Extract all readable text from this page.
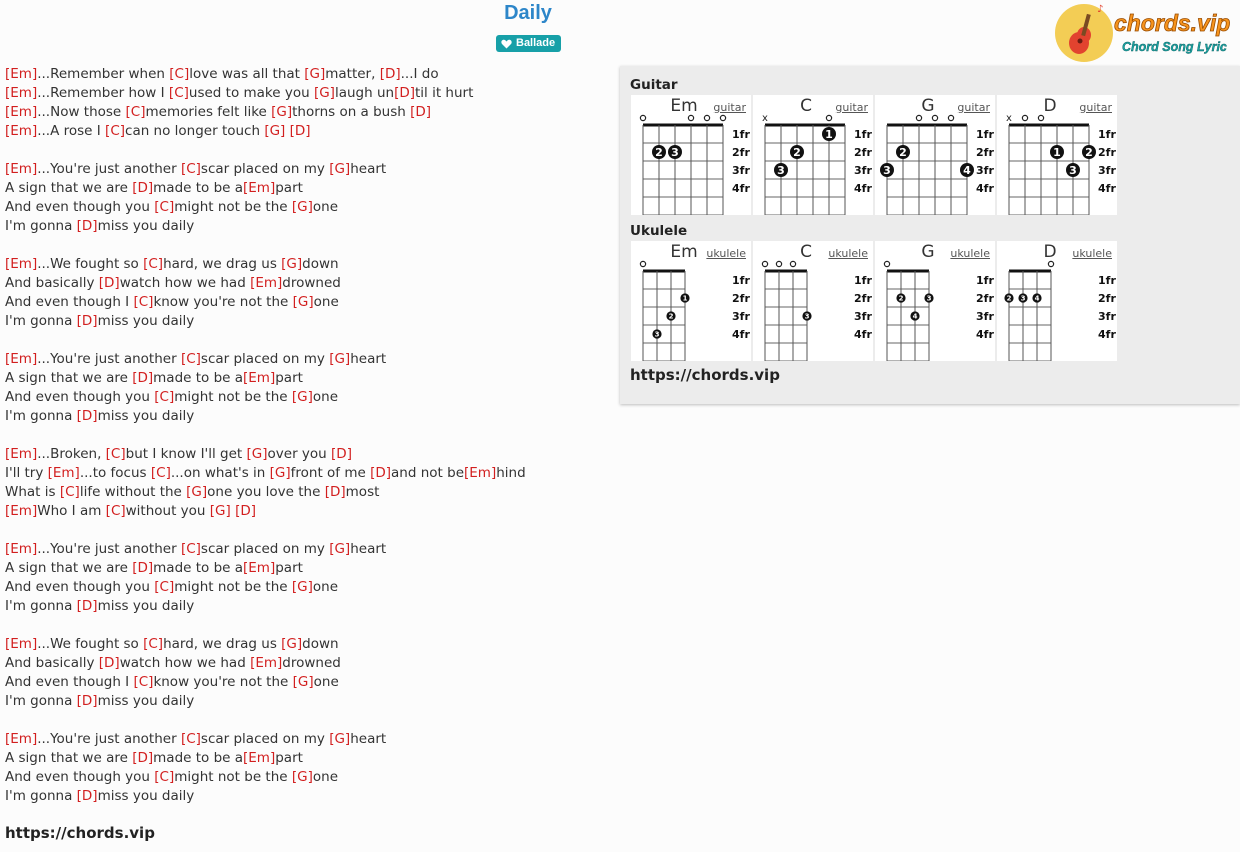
Daily
Ballade
♪
chords.vip
Chord Song Lyric
[Em]...Remember when [C]love was all that [G]matter, [D]...I do
[Em]...Remember how I [C]used to make you [G]laugh un[D]til it hurt
[Em]...Now those [C]memories felt like [G]thorns on a bush [D]
[Em]...A rose I [C]can no longer touch [G] [D]
[Em]...You're just another [C]scar placed on my [G]heart
A sign that we are [D]made to be a[Em]part
And even though you [C]might not be the [G]one
I'm gonna [D]miss you daily
[Em]...We fought so [C]hard, we drag us [G]down
And basically [D]watch how we had [Em]drowned
And even though I [C]know you're not the [G]one
I'm gonna [D]miss you daily
[Em]...You're just another [C]scar placed on my [G]heart
A sign that we are [D]made to be a[Em]part
And even though you [C]might not be the [G]one
I'm gonna [D]miss you daily
[Em]...Broken, [C]but I know I'll get [G]over you [D]
I'll try [Em]...to focus [C]...on what's in [G]front of me [D]and not be[Em]hind
What is [C]life without the [G]one you love the [D]most
[Em]Who I am [C]without you [G] [D]
[Em]...You're just another [C]scar placed on my [G]heart
A sign that we are [D]made to be a[Em]part
And even though you [C]might not be the [G]one
I'm gonna [D]miss you daily
[Em]...We fought so [C]hard, we drag us [G]down
And basically [D]watch how we had [Em]drowned
And even though I [C]know you're not the [G]one
I'm gonna [D]miss you daily
[Em]...You're just another [C]scar placed on my [G]heart
A sign that we are [D]made to be a[Em]part
And even though you [C]might not be the [G]one
I'm gonna [D]miss you daily
https://chords.vip
Guitar
Em	guitar
1fr
2fr
3fr
4fr
2 3
C	guitar
1fr
2fr
3fr
4fr
x
3
2
1
G	guitar
1fr
2fr
3fr
4fr
3
2
4
D	guitar
1fr
2fr
3fr
4fr
x
1
3
2
Ukulele
Em ukulele
1fr
2fr
3fr
4fr
3
2
1
C	ukulele
1fr
2fr
3fr
4fr
3
G	ukulele
1fr
2fr
3fr
4fr
2
4
3
D	ukulele
1fr
2fr
3fr
4fr
2 3 4
https://chords.vip
